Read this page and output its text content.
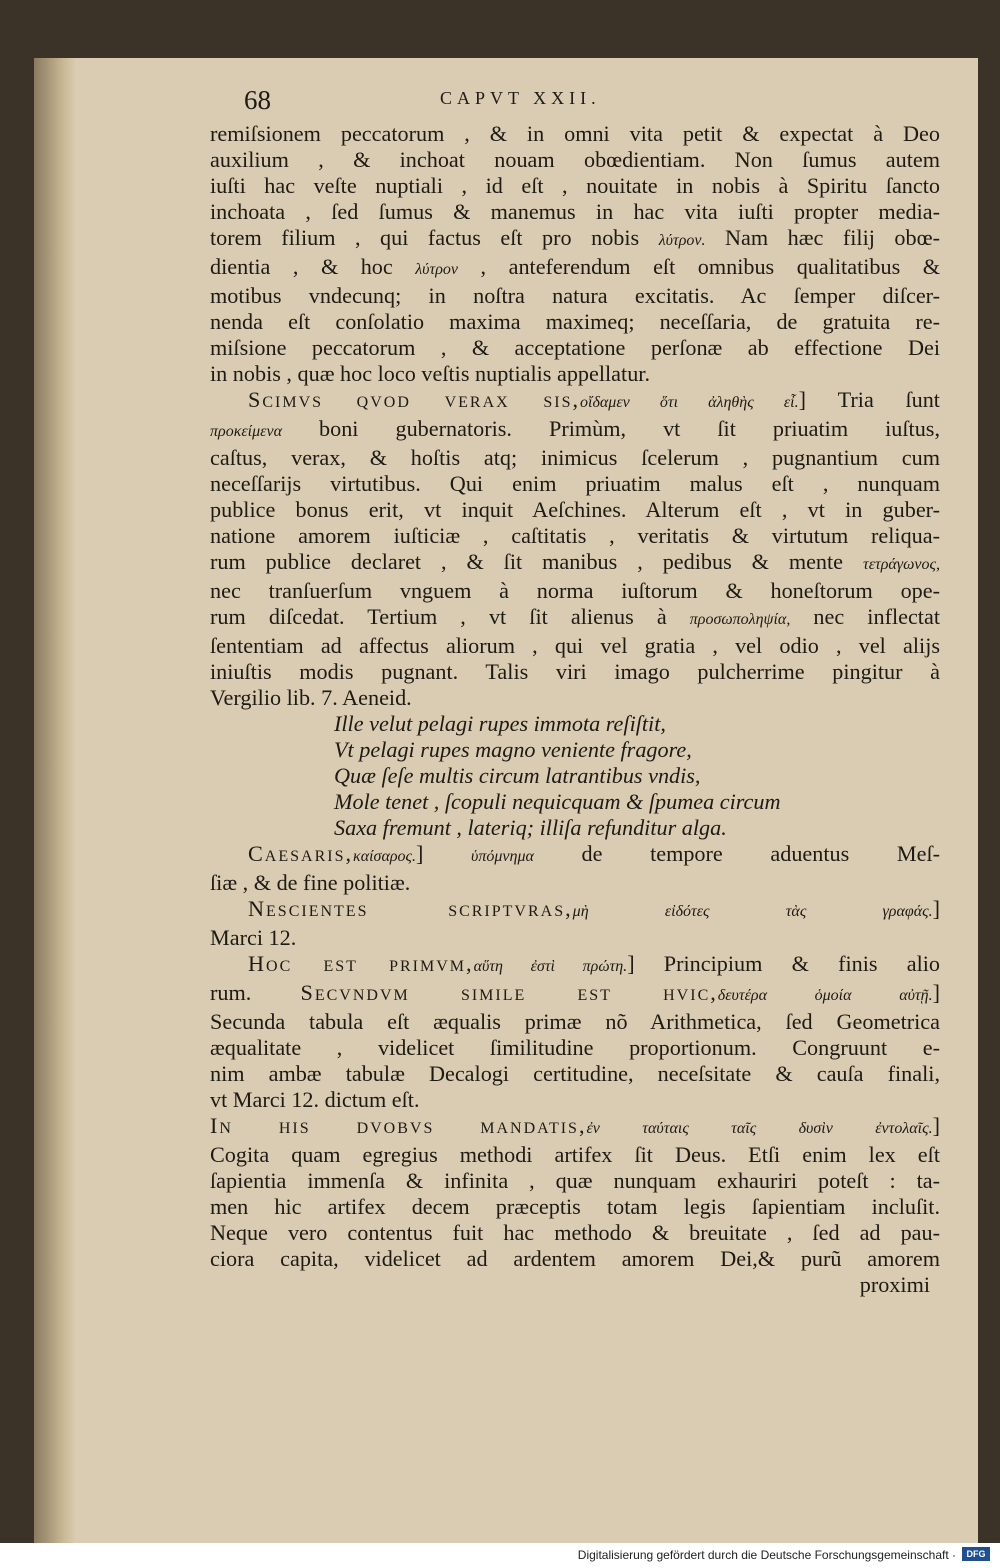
68	CAPVT XXII.
remiſsionem peccatorum , & in omni vita petit & expectat à Deo
auxilium , & inchoat nouam obœdientiam. Non ſumus autem
iuſti hac veſte nuptiali , id eſt , nouitate in nobis à Spiritu ſancto
inchoata , ſed ſumus & manemus in hac vita iuſti propter media-
torem filium , qui factus eſt pro nobis λύτρον. Nam hæc filij obœ-
dientia , & hoc λύτρον , anteferendum eſt omnibus qualitatibus &
motibus vndecunq; in noſtra natura excitatis. Ac ſemper diſcer-
nenda eſt conſolatio maxima maximeq; neceſſaria, de gratuita re-
miſsione peccatorum , & acceptatione perſonæ ab effectione Dei
in nobis , quæ hoc loco veſtis nuptialis appellatur.
Scimvs qvod verax sis,οἴδαμεν ὅτι ἀληθὴς εἶ.] Tria ſunt
προκείμενα boni gubernatoris. Primùm, vt ſit priuatim iuſtus,
caſtus, verax, & hoſtis atq; inimicus ſcelerum , pugnantium cum
neceſſarijs virtutibus. Qui enim priuatim malus eſt , nunquam
publice bonus erit, vt inquit Aeſchines. Alterum eſt , vt in guber-
natione amorem iuſticiæ , caſtitatis , veritatis & virtutum reliqua-
rum publice declaret , & ſit manibus , pedibus & mente τετράγωνος,
nec tranſuerſum vnguem à norma iuſtorum & honeſtorum ope-
rum diſcedat. Tertium , vt ſit alienus à προσωποληψία, nec inflectat
ſententiam ad affectus aliorum , qui vel gratia , vel odio , vel alijs
iniuſtis modis pugnant. Talis viri imago pulcherrime pingitur à
Vergilio lib. 7. Aeneid.
Ille velut pelagi rupes immota reſiſtit,
Vt pelagi rupes magno veniente fragore,
Quæ ſeſe multis circum latrantibus vndis,
Mole tenet , ſcopuli nequicquam & ſpumea circum
Saxa fremunt , lateriq; illiſa refunditur alga.
Caesaris,καίσαρος.] ὑπόμνημα de tempore aduentus Meſ-
ſiæ , & de fine politiæ.
Nescientes scriptvras,μὴ εἰδότες τὰς γραφάς.]
Marci 12.
Hoc est primvm,αὕτη ἐστὶ πρώτη.] Principium & finis alio
rum. Secvndvm simile est hvic,δευτέρα ὁμοία αὐτῇ.]
Secunda tabula eſt æqualis primæ nõ Arithmetica, ſed Geometrica
æqualitate , videlicet ſimilitudine proportionum. Congruunt e-
nim ambæ tabulæ Decalogi certitudine, neceſsitate & cauſa finali,
vt Marci 12. dictum eſt.
In his dvobvs mandatis,ἐν ταύταις ταῖς δυσὶν ἐντολαῖς.]
Cogita quam egregius methodi artifex ſit Deus. Etſi enim lex eſt
ſapientia immenſa & infinita , quæ nunquam exhauriri poteſt : ta-
men hic artifex decem præceptis totam legis ſapientiam incluſit.
Neque vero contentus fuit hac methodo & breuitate , ſed ad pau-
ciora capita, videlicet ad ardentem amorem Dei,& purũ amorem
proximi
Digitalisierung gefördert durch die Deutsche Forschungsgemeinschaft ·	DFG
